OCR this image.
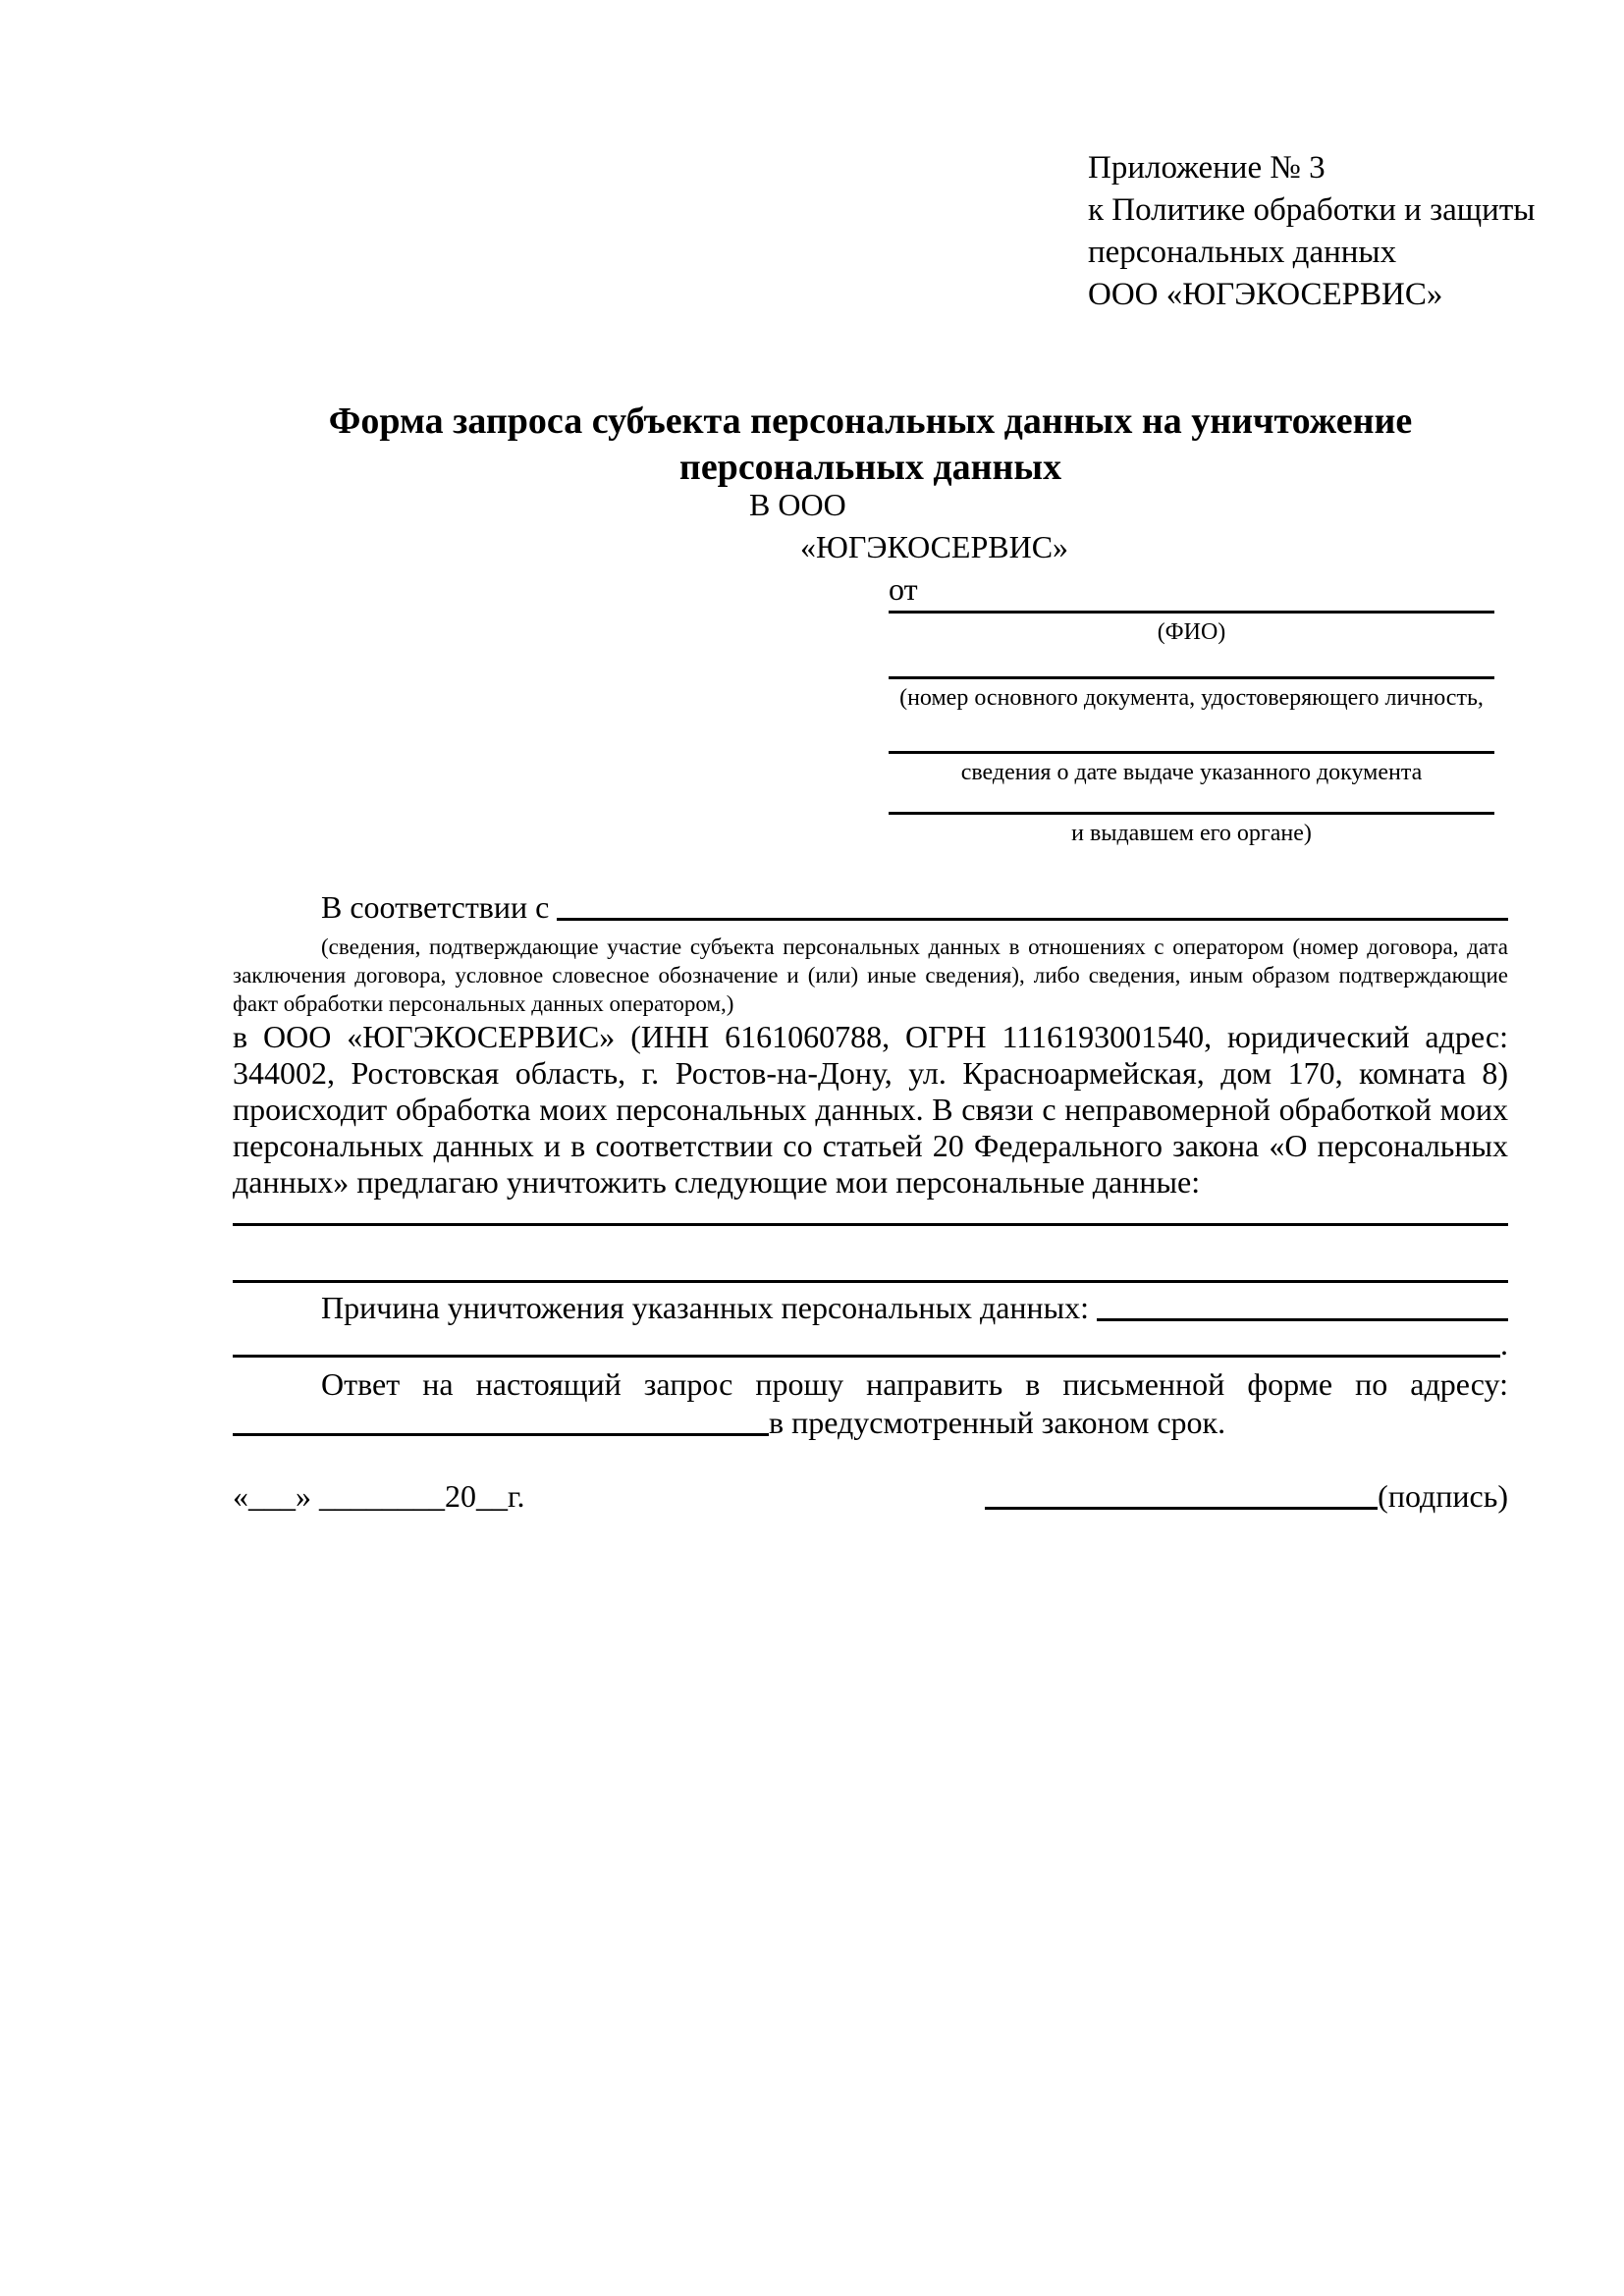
Приложение № 3
к Политике обработки и защиты
персональных данных
ООО «ЮГЭКОСЕРВИС»
Форма запроса субъекта персональных данных на уничтожение
персональных данных
В ООО
«ЮГЭКОСЕРВИС»
от
(ФИО)
(номер основного документа, удостоверяющего личность,
сведения о дате выдаче указанного документа
и выдавшем его органе)
В соответствии с
(сведения, подтверждающие участие субъекта персональных данных в отношениях с оператором (номер договора, дата заключения договора, условное словесное обозначение и (или) иные сведения), либо сведения, иным образом подтверждающие факт обработки персональных данных оператором,)
в ООО «ЮГЭКОСЕРВИС» (ИНН 6161060788, ОГРН 1116193001540, юридический адрес: 344002, Ростовская область, г. Ростов-на-Дону, ул. Красноармейская, дом 170, комната 8) происходит обработка моих персональных данных. В связи с неправомерной обработкой моих персональных данных и в соответствии со статьей 20 Федерального закона «О персональных данных» предлагаю уничтожить следующие мои персональные данные:
Причина уничтожения указанных персональных данных:
.
Ответ на настоящий запрос прошу направить в письменной форме по адресу:
в предусмотренный законом срок.
«___» ________20__г.	(подпись)
